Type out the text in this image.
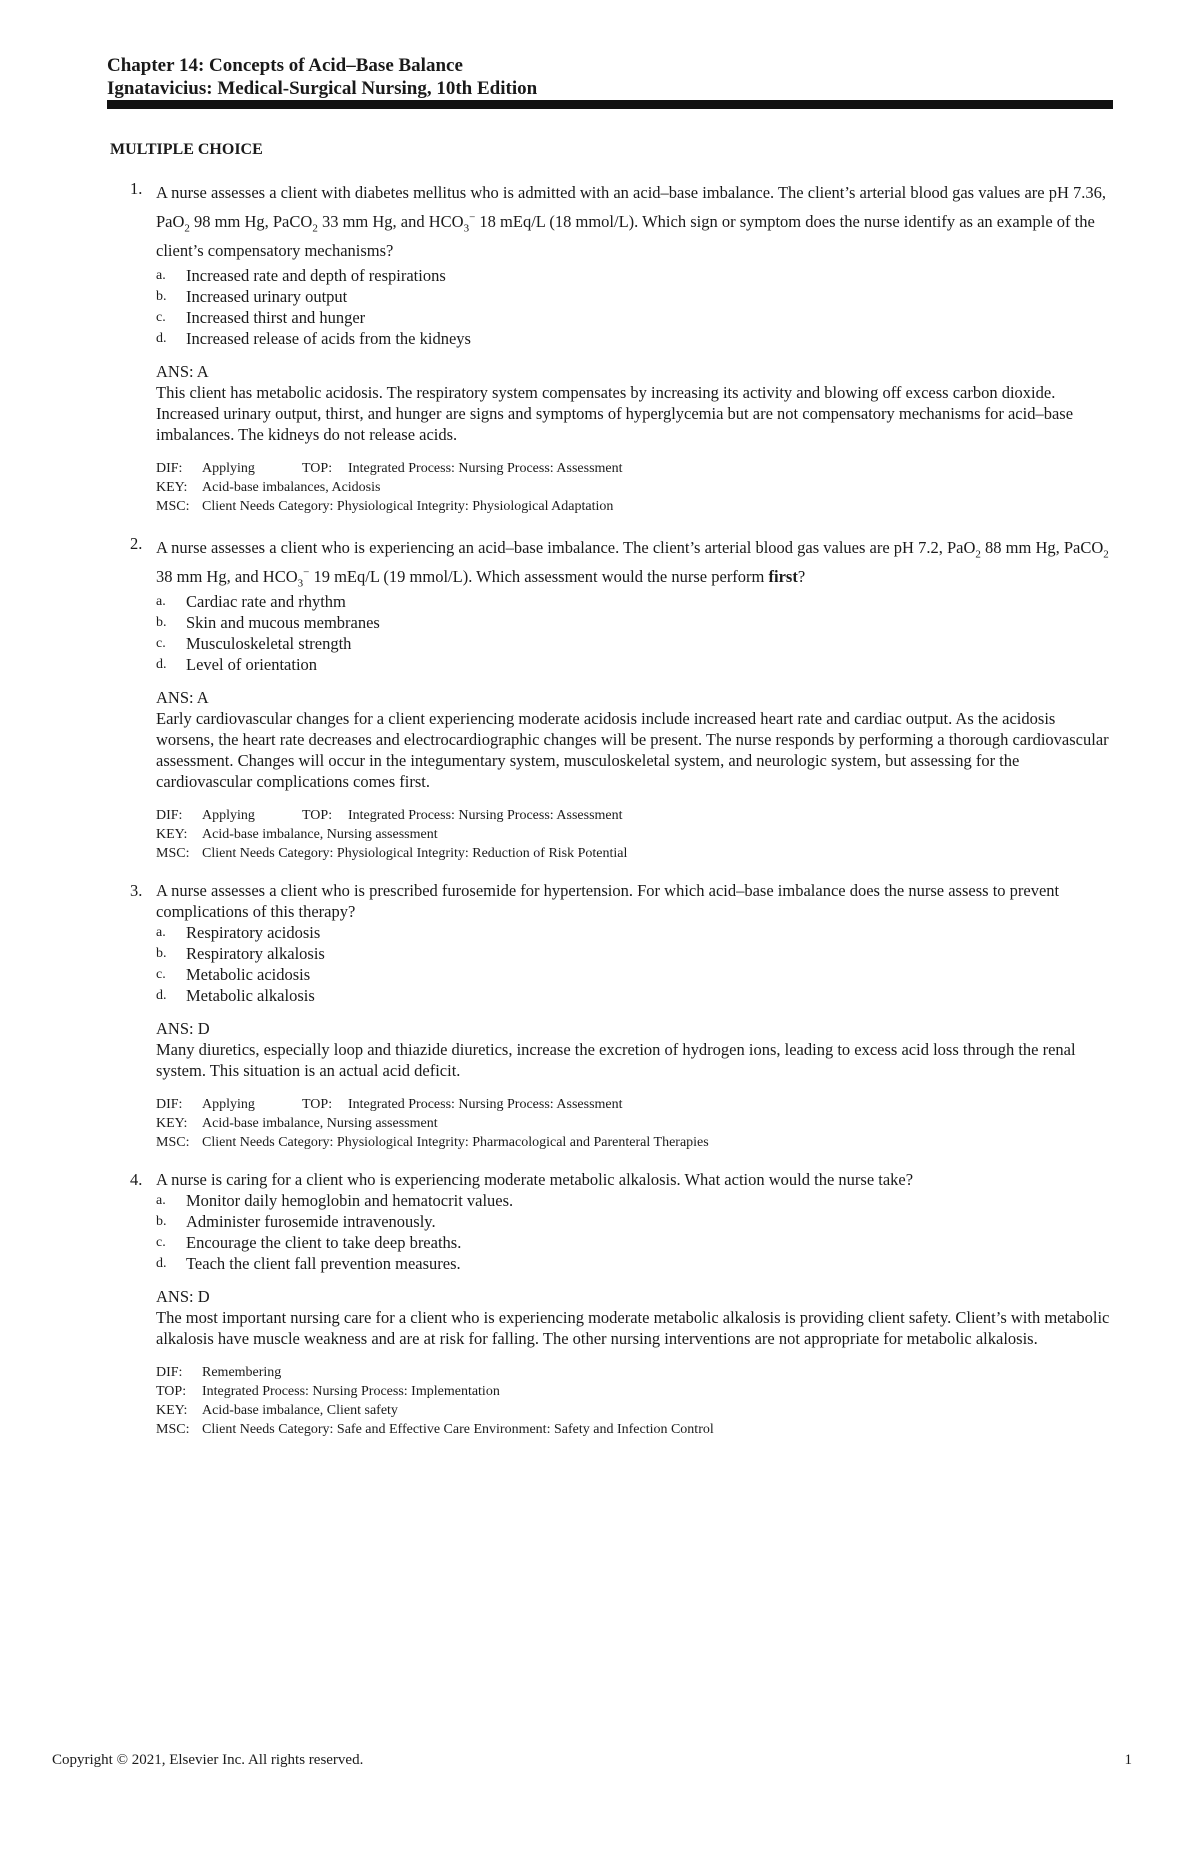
Chapter 14: Concepts of Acid–Base Balance
Ignatavicius: Medical-Surgical Nursing, 10th Edition
MULTIPLE CHOICE
1. A nurse assesses a client with diabetes mellitus who is admitted with an acid–base imbalance. The client’s arterial blood gas values are pH 7.36, PaO$_2$ 98 mm Hg, PaCO$_2$ 33 mm Hg, and $HCO_3^-$ 18 mEq/L (18 mmol/L). Which sign or symptom does the nurse identify as an example of the client’s compensatory mechanisms?

a. Increased rate and depth of respirations
b. Increased urinary output
c. Increased thirst and hunger
d. Increased release of acids from the kidneys
ANS: A

This client has metabolic acidosis. The respiratory system compensates by increasing its activity and blowing off excess carbon dioxide. Increased urinary output, thirst, and hunger are signs and symptoms of hyperglycemia but are not compensatory mechanisms for acid–base imbalances. The kidneys do not release acids.

DIF: Applying	TOP: Integrated Process: Nursing Process: Assessment
KEY: Acid-base imbalances, Acidosis
MSC: Client Needs Category: Physiological Integrity: Physiological Adaptation
2. A nurse assesses a client who is experiencing an acid–base imbalance. The client’s arterial blood gas values are pH 7.2, PaO$_2$ 88 mm Hg, PaCO$_2$ 38 mm Hg, and $HCO_3^-$ 19 mEq/L (19 mmol/L). Which assessment would the nurse perform first?

a. Cardiac rate and rhythm
b. Skin and mucous membranes
c. Musculoskeletal strength
d. Level of orientation
ANS: A

Early cardiovascular changes for a client experiencing moderate acidosis include increased heart rate and cardiac output. As the acidosis worsens, the heart rate decreases and electrocardiographic changes will be present. The nurse responds by performing a thorough cardiovascular assessment. Changes will occur in the integumentary system, musculoskeletal system, and neurologic system, but assessing for the cardiovascular complications comes first.

DIF: Applying	TOP: Integrated Process: Nursing Process: Assessment
KEY: Acid-base imbalance, Nursing assessment
MSC: Client Needs Category: Physiological Integrity: Reduction of Risk Potential
3. A nurse assesses a client who is prescribed furosemide for hypertension. For which acid–base imbalance does the nurse assess to prevent complications of this therapy?

a. Respiratory acidosis
b. Respiratory alkalosis
c. Metabolic acidosis
d. Metabolic alkalosis
ANS: D

Many diuretics, especially loop and thiazide diuretics, increase the excretion of hydrogen ions, leading to excess acid loss through the renal system. This situation is an actual acid deficit.

DIF: Applying	TOP: Integrated Process: Nursing Process: Assessment
KEY: Acid-base imbalance, Nursing assessment
MSC: Client Needs Category: Physiological Integrity: Pharmacological and Parenteral Therapies
4. A nurse is caring for a client who is experiencing moderate metabolic alkalosis. What action would the nurse take?

a. Monitor daily hemoglobin and hematocrit values.
b. Administer furosemide intravenously.
c. Encourage the client to take deep breaths.
d. Teach the client fall prevention measures.
ANS: D

The most important nursing care for a client who is experiencing moderate metabolic alkalosis is providing client safety. Client’s with metabolic alkalosis have muscle weakness and are at risk for falling. The other nursing interventions are not appropriate for metabolic alkalosis.

DIF: Remembering
TOP: Integrated Process: Nursing Process: Implementation
KEY: Acid-base imbalance, Client safety
MSC: Client Needs Category: Safe and Effective Care Environment: Safety and Infection Control
Copyright © 2021, Elsevier Inc. All rights reserved.	1
